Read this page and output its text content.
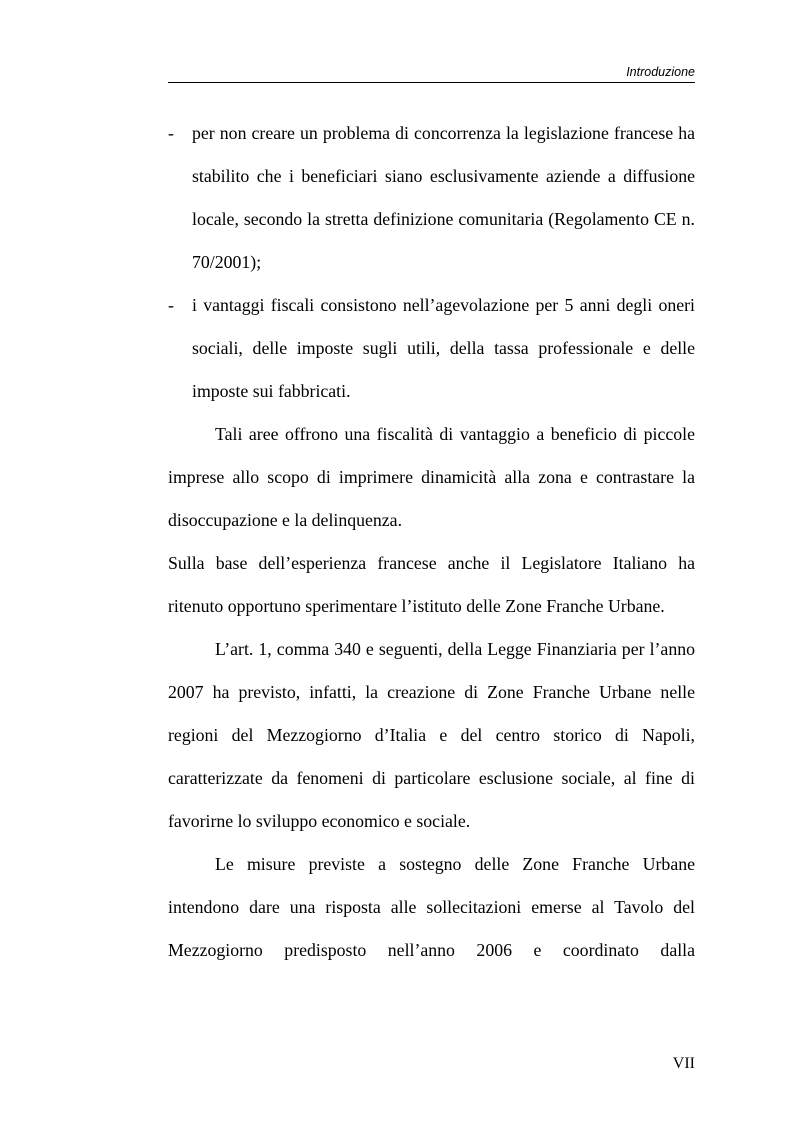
Introduzione

- per non creare un problema di concorrenza la legislazione francese ha stabilito che i beneficiari siano esclusivamente aziende a diffusione locale, secondo la stretta definizione comunitaria (Regolamento CE n. 70/2001);

- i vantaggi fiscali consistono nell’agevolazione per 5 anni degli oneri sociali, delle imposte sugli utili, della tassa professionale e delle imposte sui fabbricati.

Tali aree offrono una fiscalità di vantaggio a beneficio di piccole imprese allo scopo di imprimere dinamicità alla zona e contrastare la disoccupazione e la delinquenza.

Sulla base dell’esperienza francese anche il Legislatore Italiano ha ritenuto opportuno sperimentare l’istituto delle Zone Franche Urbane.

L’art. 1, comma 340 e seguenti, della Legge Finanziaria per l’anno 2007 ha previsto, infatti, la creazione di Zone Franche Urbane nelle regioni del Mezzogiorno d’Italia e del centro storico di Napoli, caratterizzate da fenomeni di particolare esclusione sociale, al fine di favorirne lo sviluppo economico e sociale.

Le misure previste a sostegno delle Zone Franche Urbane intendono dare una risposta alle sollecitazioni emerse al Tavolo del Mezzogiorno predisposto nell’anno 2006 e coordinato dalla

VII
